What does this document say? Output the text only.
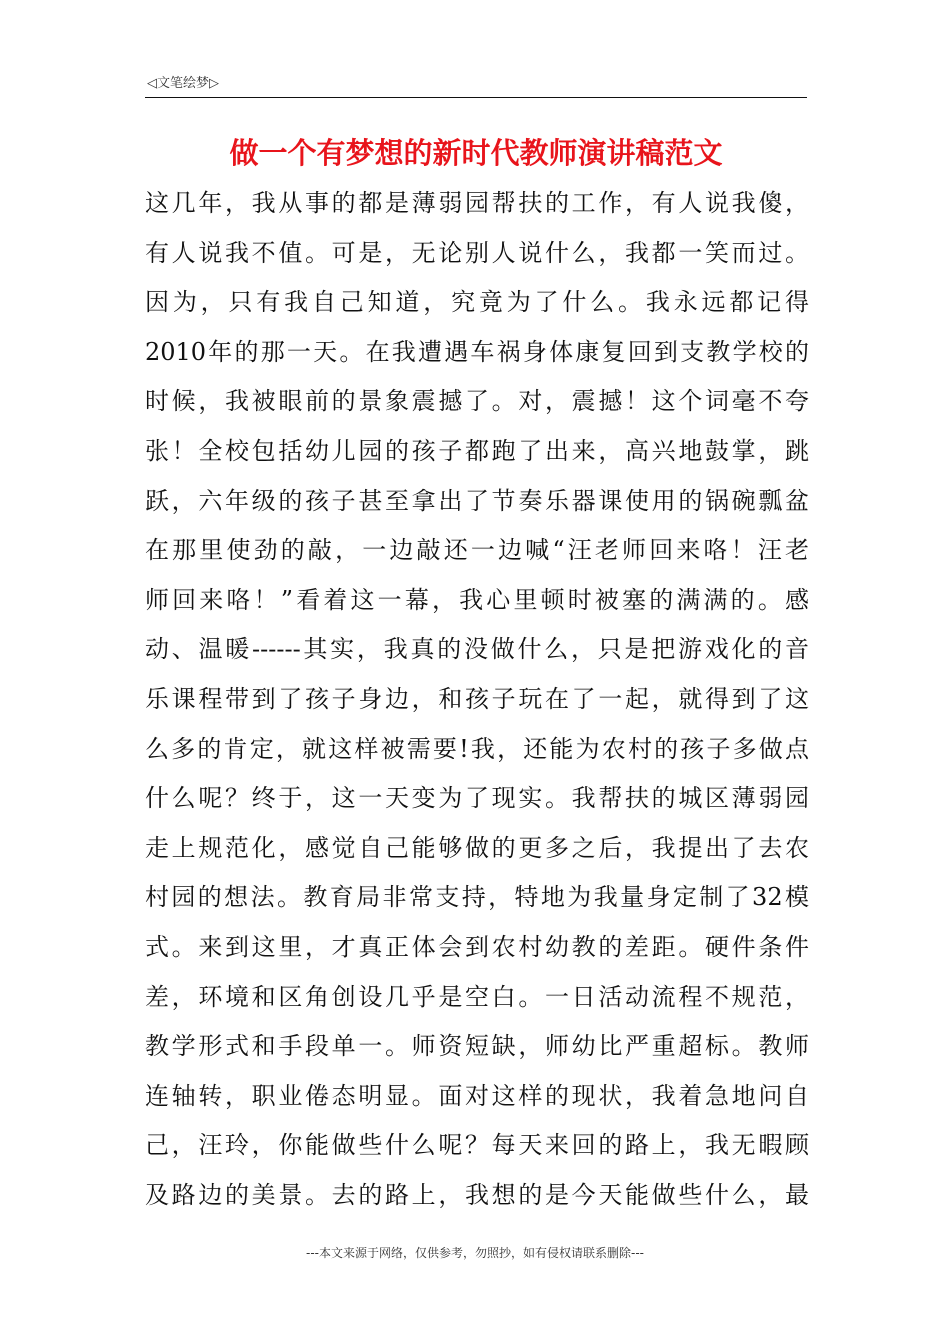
◁文笔绘梦▷
做一个有梦想的新时代教师演讲稿范文
这几年，我从事的都是薄弱园帮扶的工作，有人说我傻，
有人说我不值。可是，无论别人说什么，我都一笑而过。
因为，只有我自己知道，究竟为了什么。我永远都记得
2010年的那一天。在我遭遇车祸身体康复回到支教学校的
时候，我被眼前的景象震撼了。对，震撼！这个词毫不夸
张！全校包括幼儿园的孩子都跑了出来，高兴地鼓掌，跳
跃，六年级的孩子甚至拿出了节奏乐器课使用的锅碗瓢盆
在那里使劲的敲，一边敲还一边喊“汪老师回来咯！汪老
师回来咯！”看着这一幕，我心里顿时被塞的满满的。感
动、温暖------其实，我真的没做什么，只是把游戏化的音
乐课程带到了孩子身边，和孩子玩在了一起，就得到了这
么多的肯定，就这样被需要!我，还能为农村的孩子多做点
什么呢？终于，这一天变为了现实。我帮扶的城区薄弱园
走上规范化，感觉自己能够做的更多之后，我提出了去农
村园的想法。教育局非常支持，特地为我量身定制了32模
式。来到这里，才真正体会到农村幼教的差距。硬件条件
差，环境和区角创设几乎是空白。一日活动流程不规范，
教学形式和手段单一。师资短缺，师幼比严重超标。教师
连轴转，职业倦态明显。面对这样的现状，我着急地问自
己，汪玲，你能做些什么呢？每天来回的路上，我无暇顾
及路边的美景。去的路上，我想的是今天能做些什么，最
---本文来源于网络，仅供参考，勿照抄，如有侵权请联系删除---
